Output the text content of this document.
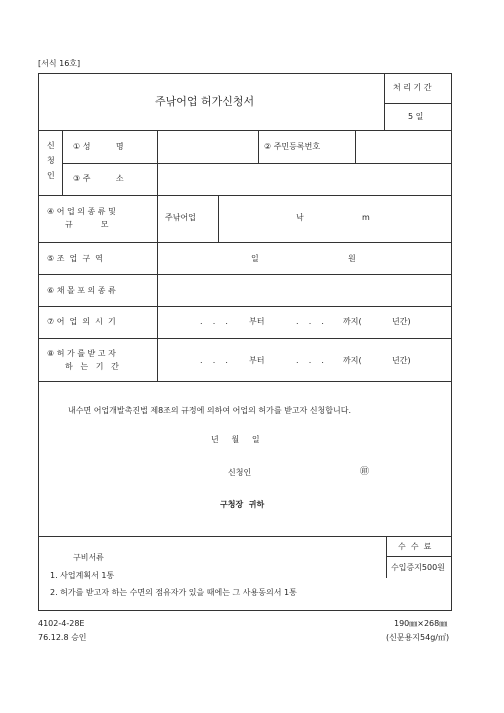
[서식 16호]
주낚어업 허가신청서
처 리 기 간
5 일
신
청
인
① 성          명	② 주민등록번호
③ 주          소
④ 어 업 의 종 류 및
규           모
주낚어업	낙	m
⑤ 조  업  구  역	일	원
⑥ 채 몰 포 의 종 류
⑦ 어  업  의  시  기	.    .    .	부터	.    .    . 까지(	년간)
⑧ 허 가 를 받 고 자
하   는   기   간
.    .    .	부터	.    .    . 까지(	년간)
내수면 어업개발촉진법 제8조의 규정에 의하여 어업의 허가를 받고자 신청합니다.
년     월     일
신청인	㊞
구청장  귀하
수  수  료
수입증지500원
구비서류
1. 사업계획서 1통
2. 허가를 받고자 하는 수면의 점유자가 있을 때에는 그 사용동의서 1통
4102-4-28E
76.12.8 승인
190㎜×268㎜
(신문용지54g/㎡)
